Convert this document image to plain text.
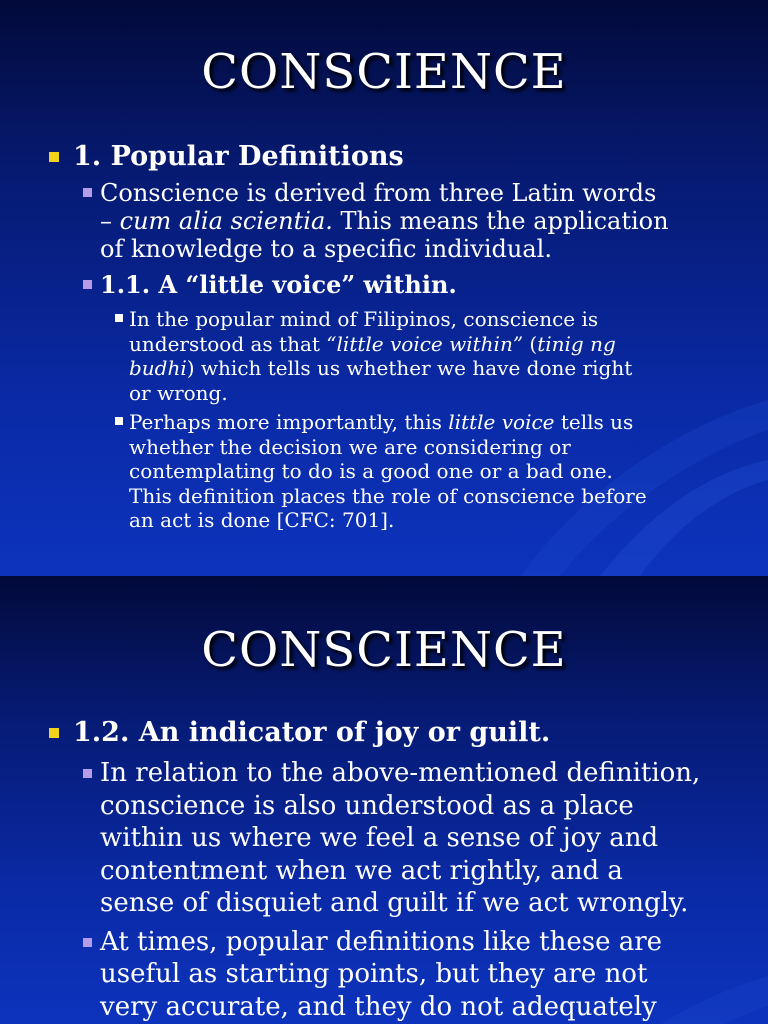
CONSCIENCE
1. Popular Definitions
Conscience is derived from three Latin words
– cum alia scientia. This means the application
of knowledge to a specific individual.
1.1. A “little voice” within.
In the popular mind of Filipinos, conscience is
understood as that “little voice within” (tinig ng
budhi) which tells us whether we have done right
or wrong.
Perhaps more importantly, this little voice tells us
whether the decision we are considering or
contemplating to do is a good one or a bad one.
This definition places the role of conscience before
an act is done [CFC: 701].
CONSCIENCE
1.2. An indicator of joy or guilt.
In relation to the above-mentioned definition,
conscience is also understood as a place
within us where we feel a sense of joy and
contentment when we act rightly, and a
sense of disquiet and guilt if we act wrongly.
At times, popular definitions like these are
useful as starting points, but they are not
very accurate, and they do not adequately
